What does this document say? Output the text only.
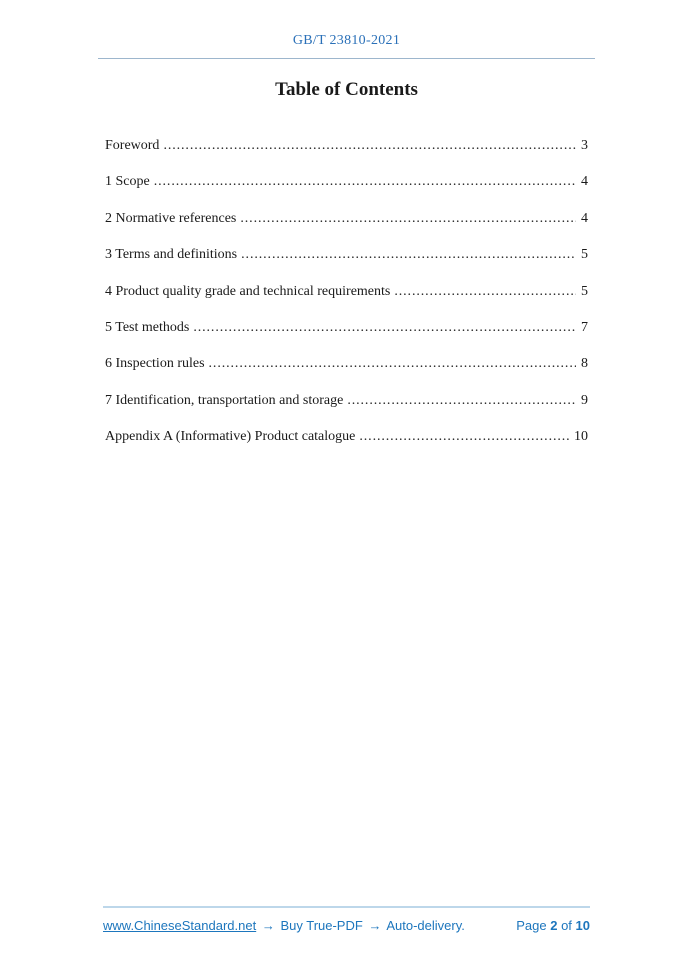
GB/T 23810-2021
Table of Contents
Foreword .....	3
1 Scope .....	4
2 Normative references .....	4
3 Terms and definitions .....	5
4 Product quality grade and technical requirements .....	5
5 Test methods .....	7
6 Inspection rules .....	8
7 Identification, transportation and storage .....	9
Appendix A (Informative) Product catalogue .....	10
www.ChineseStandard.net → Buy True-PDF → Auto-delivery.	Page 2 of 10
